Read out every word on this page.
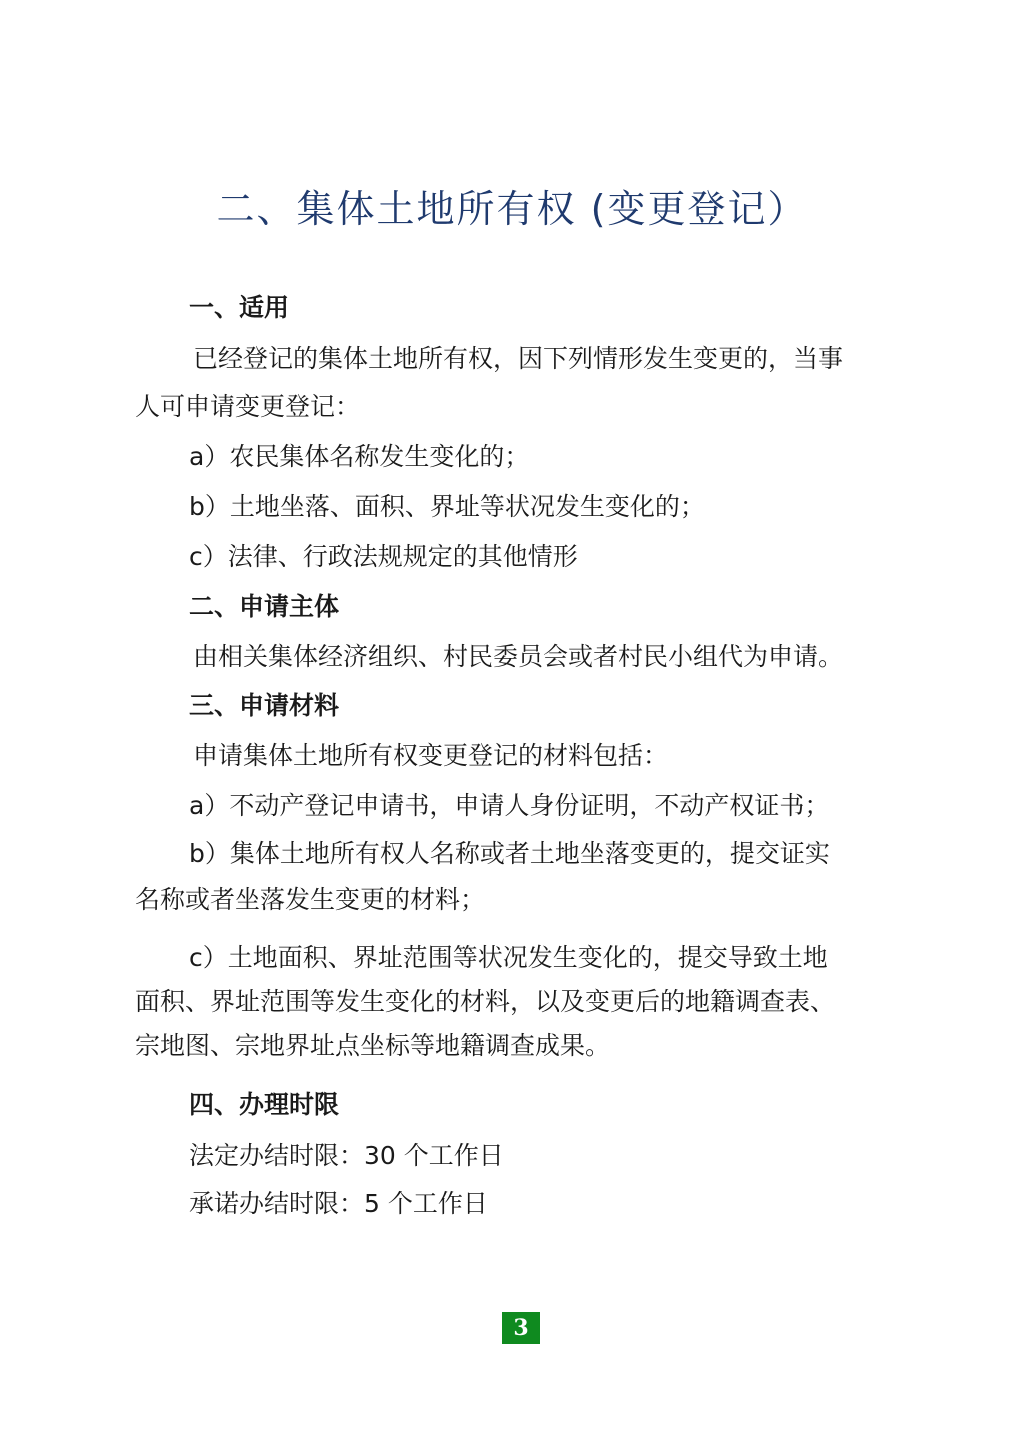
二、集体土地所有权 (变更登记）
一、适用
已经登记的集体土地所有权，因下列情形发生变更的，当事
人可申请变更登记：
a）农民集体名称发生变化的；
b）土地坐落、面积、界址等状况发生变化的；
c）法律、行政法规规定的其他情形
二、申请主体
由相关集体经济组织、村民委员会或者村民小组代为申请。
三、申请材料
申请集体土地所有权变更登记的材料包括：
a）不动产登记申请书，申请人身份证明，不动产权证书；
b）集体土地所有权人名称或者土地坐落变更的，提交证实
名称或者坐落发生变更的材料；
c）土地面积、界址范围等状况发生变化的，提交导致土地
面积、界址范围等发生变化的材料，以及变更后的地籍调查表、
宗地图、宗地界址点坐标等地籍调查成果。
四、办理时限
法定办结时限：30 个工作日
承诺办结时限：5 个工作日
3
